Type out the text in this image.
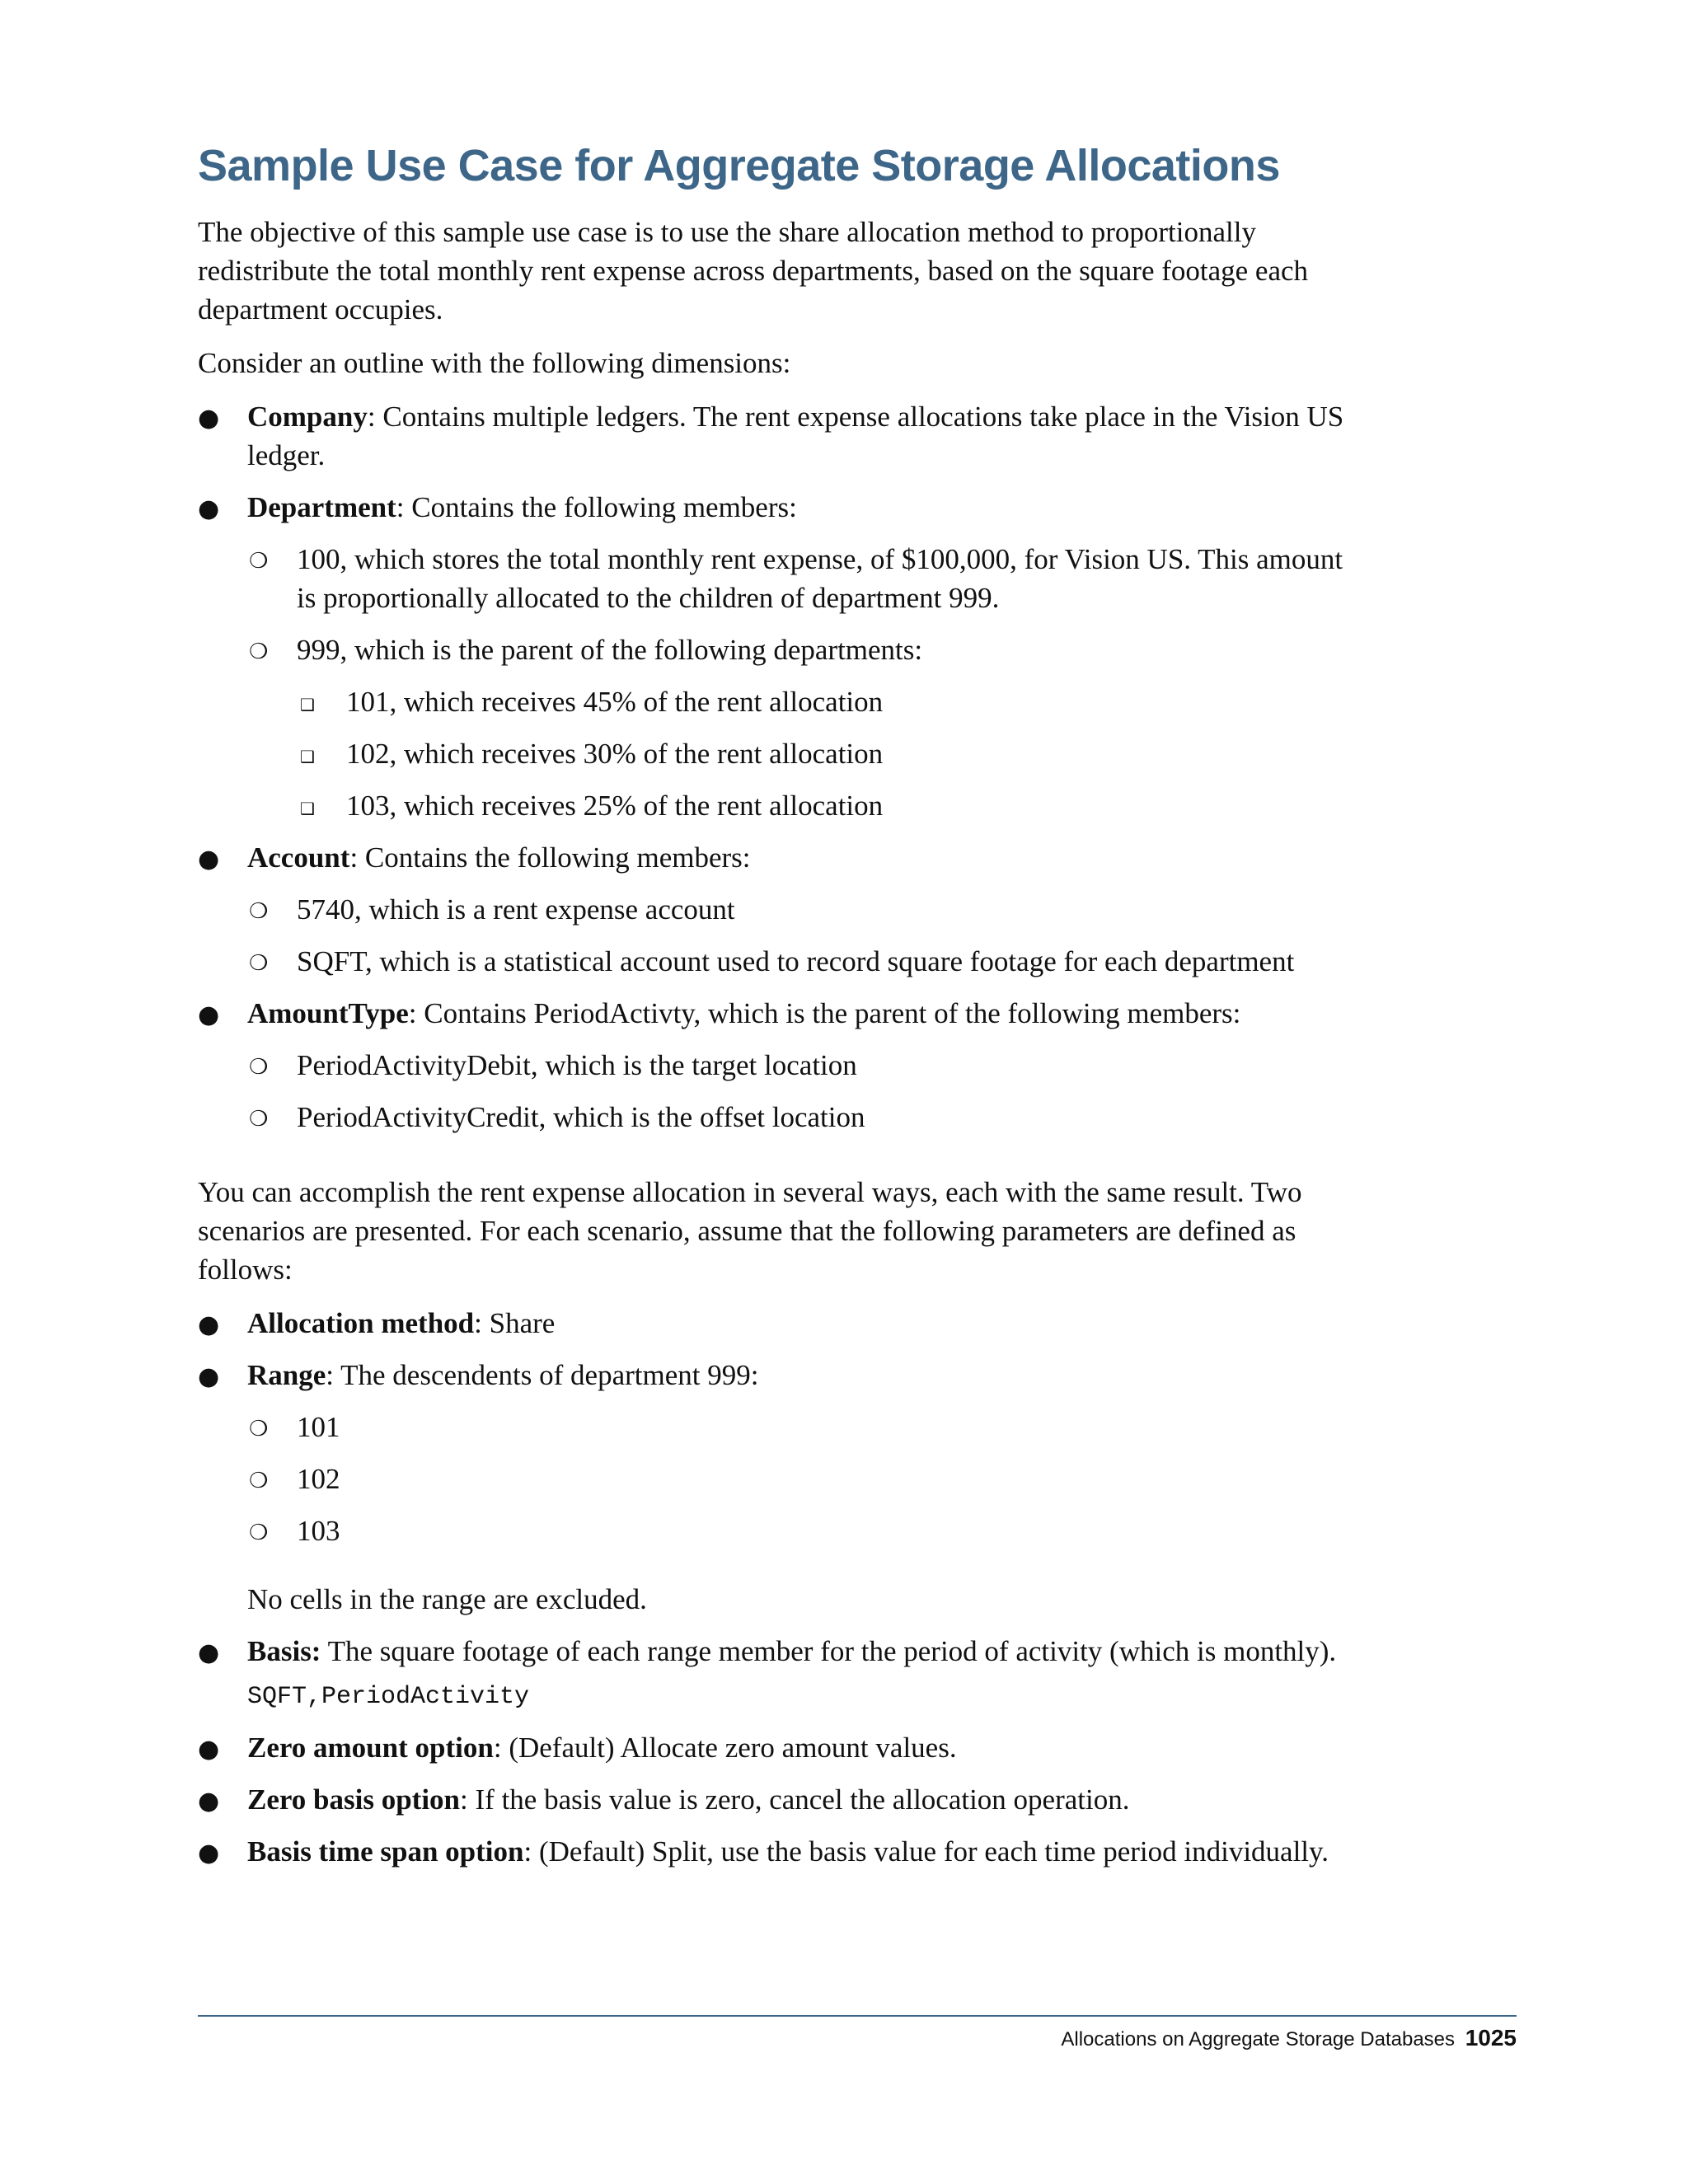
Sample Use Case for Aggregate Storage Allocations

The objective of this sample use case is to use the share allocation method to proportionally redistribute the total monthly rent expense across departments, based on the square footage each department occupies.

Consider an outline with the following dimensions:

● Company: Contains multiple ledgers. The rent expense allocations take place in the Vision US ledger.
● Department: Contains the following members:
❍ 100, which stores the total monthly rent expense, of $100,000, for Vision US. This amount is proportionally allocated to the children of department 999.
❍ 999, which is the parent of the following departments:
❑ 101, which receives 45% of the rent allocation
❑ 102, which receives 30% of the rent allocation
❑ 103, which receives 25% of the rent allocation
● Account: Contains the following members:
❍ 5740, which is a rent expense account
❍ SQFT, which is a statistical account used to record square footage for each department
● AmountType: Contains PeriodActivty, which is the parent of the following members:
❍ PeriodActivityDebit, which is the target location
❍ PeriodActivityCredit, which is the offset location

You can accomplish the rent expense allocation in several ways, each with the same result. Two scenarios are presented. For each scenario, assume that the following parameters are defined as follows:

● Allocation method: Share
● Range: The descendents of department 999:
❍ 101
❍ 102
❍ 103
No cells in the range are excluded.
● Basis: The square footage of each range member for the period of activity (which is monthly).
SQFT,PeriodActivity
● Zero amount option: (Default) Allocate zero amount values.
● Zero basis option: If the basis value is zero, cancel the allocation operation.
● Basis time span option: (Default) Split, use the basis value for each time period individually.
Allocations on Aggregate Storage Databases 1025
